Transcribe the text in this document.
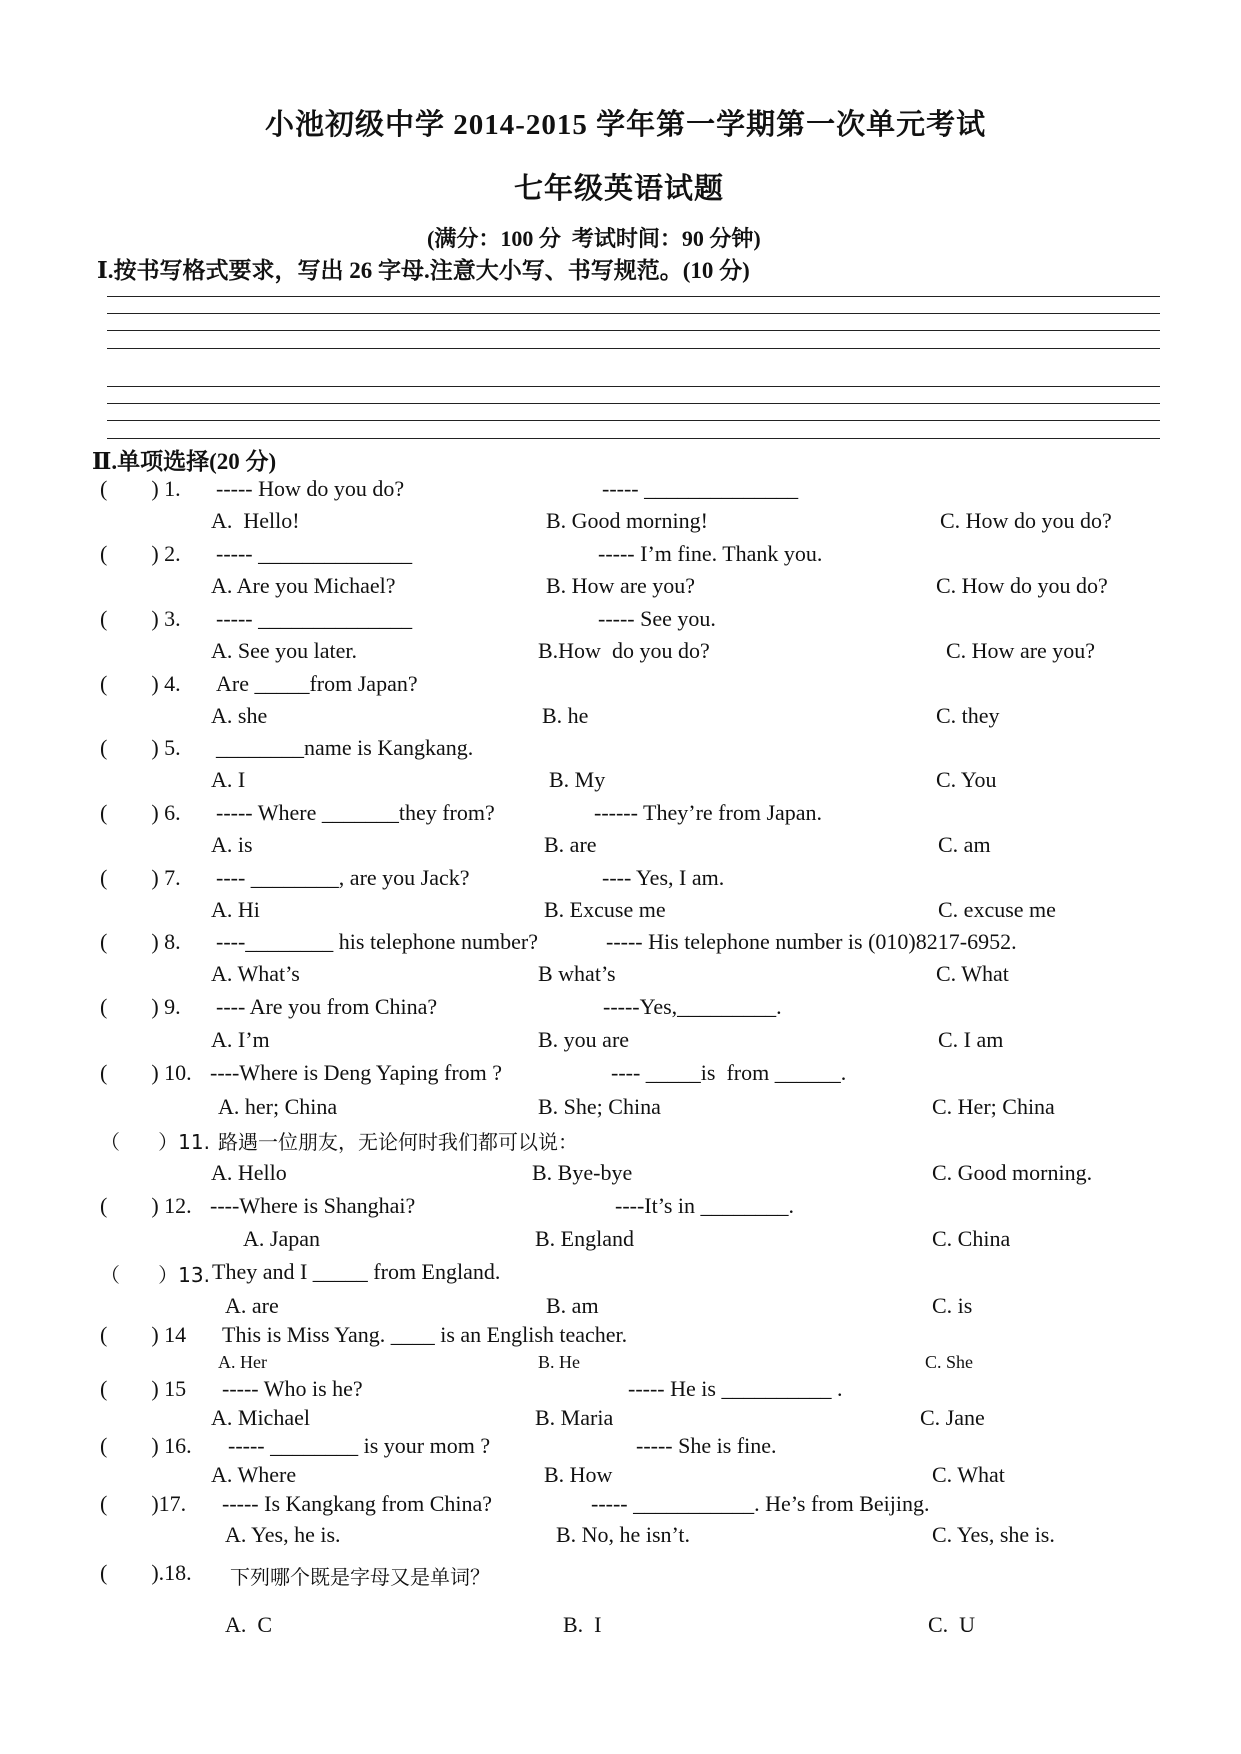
小池初级中学 2014-2015 学年第一学期第一次单元考试
七年级英语试题
(满分：100 分  考试时间：90 分钟)
Ⅰ.按书写格式要求，写出 26 字母.注意大小写、书写规范。(10 分)
Ⅱ.单项选择(20 分)
(        ) 1. ----- How do you do?	----- ______________
A.  Hello!	B. Good morning!	C. How do you do?
(        ) 2. ----- ______________	----- I’m fine. Thank you.
A. Are you Michael?	B. How are you?	C. How do you do?
(        ) 3. ----- ______________	----- See you.
A. See you later.	B.How  do you do?	C. How are you?
(        ) 4. Are _____from Japan?
A. she	B. he	C. they
(        ) 5. ________name is Kangkang.
A. I	B. My	C. You
(        ) 6. ----- Where _______they from?	------ They’re from Japan.
A. is	B. are	C. am
(        ) 7. ---- ________, are you Jack?	---- Yes, I am.
A. Hi	B. Excuse me	C. excuse me
(        ) 8. ----________ his telephone number?	----- His telephone number is (010)8217-6952.
A. What’s	B what’s	C. What
(        ) 9. ---- Are you from China?	-----Yes,_________.
A. I’m	B. you are	C. I am
(        ) 10. ----Where is Deng Yaping from ?	---- _____is  from ______.
A. her; China	B. She; China	C. Her; China
（      ）11. 路遇一位朋友，无论何时我们都可以说：
A. Hello	B. Bye-bye	C. Good morning.
(        ) 12. ----Where is Shanghai?	----It’s in ________.
A. Japan	B. England	C. China
（      ）13. They and I _____ from England.
A. are	B. am	C. is
(        ) 14 This is Miss Yang. ____ is an English teacher.
A. Her	B. He	C. She
(        ) 15 ----- Who is he?	----- He is __________ .
A. Michael	B. Maria	C. Jane
(        ) 16. ----- ________ is your mom ?	----- She is fine.
A. Where	B. How	C. What
(        )17. ----- Is Kangkang from China?	----- ___________. He’s from Beijing.
A. Yes, he is.	B. No, he isn’t.	C. Yes, she is.
(        ).18. 下列哪个既是字母又是单词？
A.  C	B.  I	C.  U
